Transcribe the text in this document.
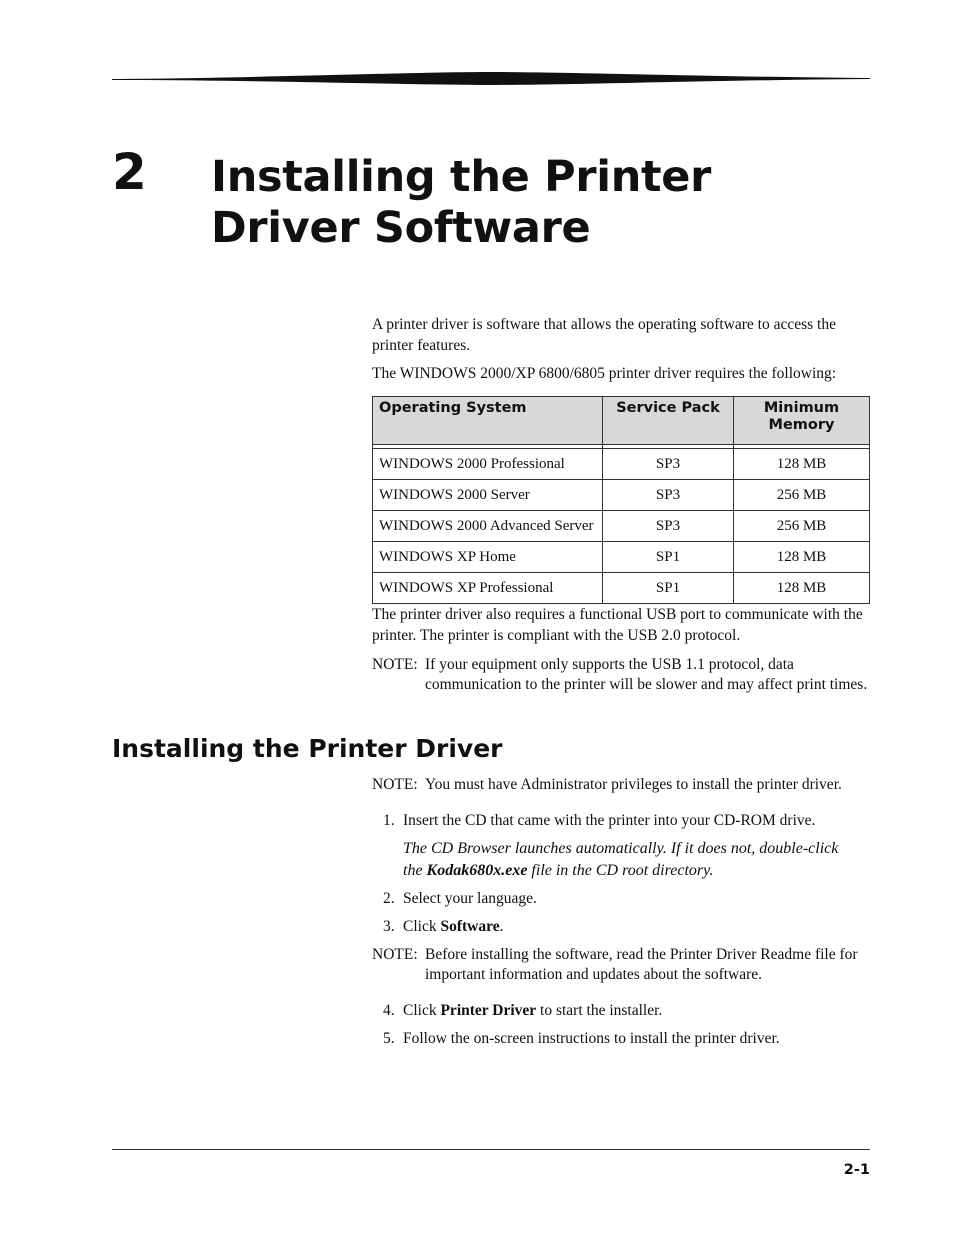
2 Installing the Printer
Driver Software

A printer driver is software that allows the operating software to access the printer features.

The WINDOWS 2000/XP 6800/6805 printer driver requires the following:

Operating System	Service Pack	Minimum Memory

WINDOWS 2000 Professional	SP3	128 MB
WINDOWS 2000 Server	SP3	256 MB
WINDOWS 2000 Advanced Server	SP3	256 MB
WINDOWS XP Home	SP1	128 MB
WINDOWS XP Professional	SP1	128 MB
The printer driver also requires a functional USB port to communicate with the printer. The printer is compliant with the USB 2.0 protocol.
NOTE: If your equipment only supports the USB 1.1 protocol, data communication to the printer will be slower and may affect print times.
Installing the Printer Driver
NOTE: You must have Administrator privileges to install the printer driver.
1. Insert the CD that came with the printer into your CD-ROM drive.
The CD Browser launches automatically. If it does not, double-click
the Kodak680x.exe file in the CD root directory.
2. Select your language.
3. Click Software.
NOTE: Before installing the software, read the Printer Driver Readme file for important information and updates about the software.
4. Click Printer Driver to start the installer.
5. Follow the on-screen instructions to install the printer driver.
2-1
